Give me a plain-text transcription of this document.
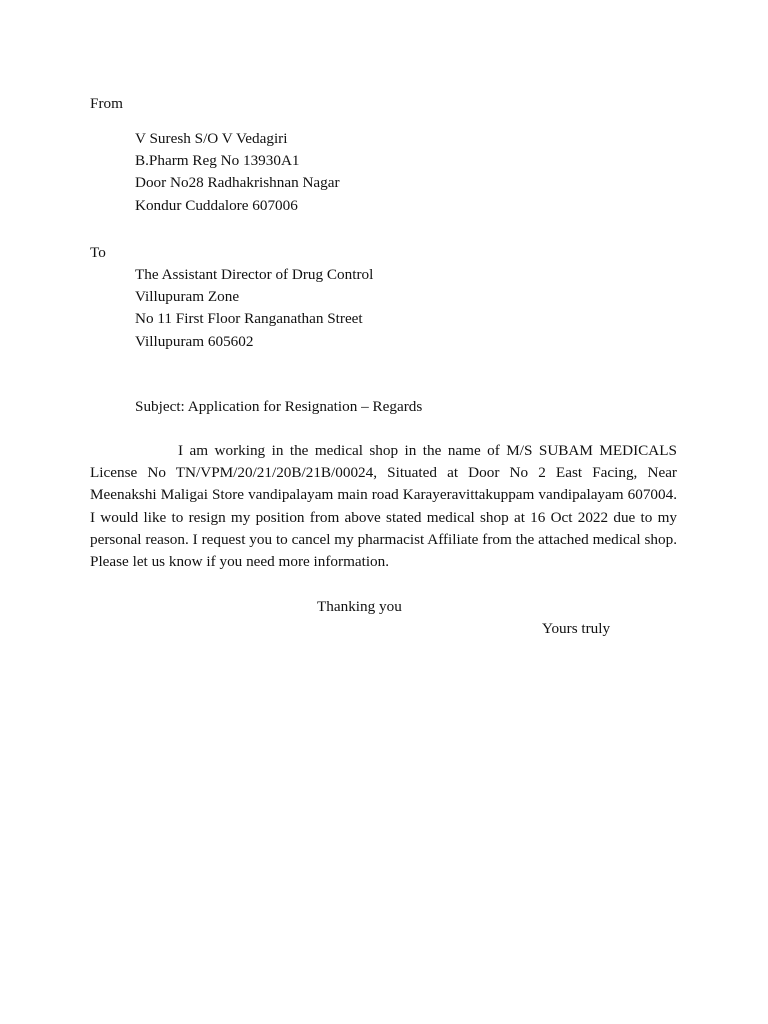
From
V Suresh S/O V Vedagiri
B.Pharm Reg No 13930A1
Door No28 Radhakrishnan Nagar
Kondur Cuddalore 607006
To
The Assistant Director of Drug Control
Villupuram Zone
No 11 First Floor Ranganathan Street
Villupuram 605602
Subject: Application for Resignation – Regards

I am working in the medical shop in the name of M/S SUBAM MEDICALS License No TN/VPM/20/21/20B/21B/00024, Situated at Door No 2 East Facing, Near Meenakshi Maligai Store vandipalayam main road Karayeravittakuppam vandipalayam 607004. I would like to resign my position from above stated medical shop at 16 Oct 2022 due to my personal reason. I request you to cancel my pharmacist Affiliate from the attached medical shop. Please let us know if you need more information.

Thanking you
Yours truly
